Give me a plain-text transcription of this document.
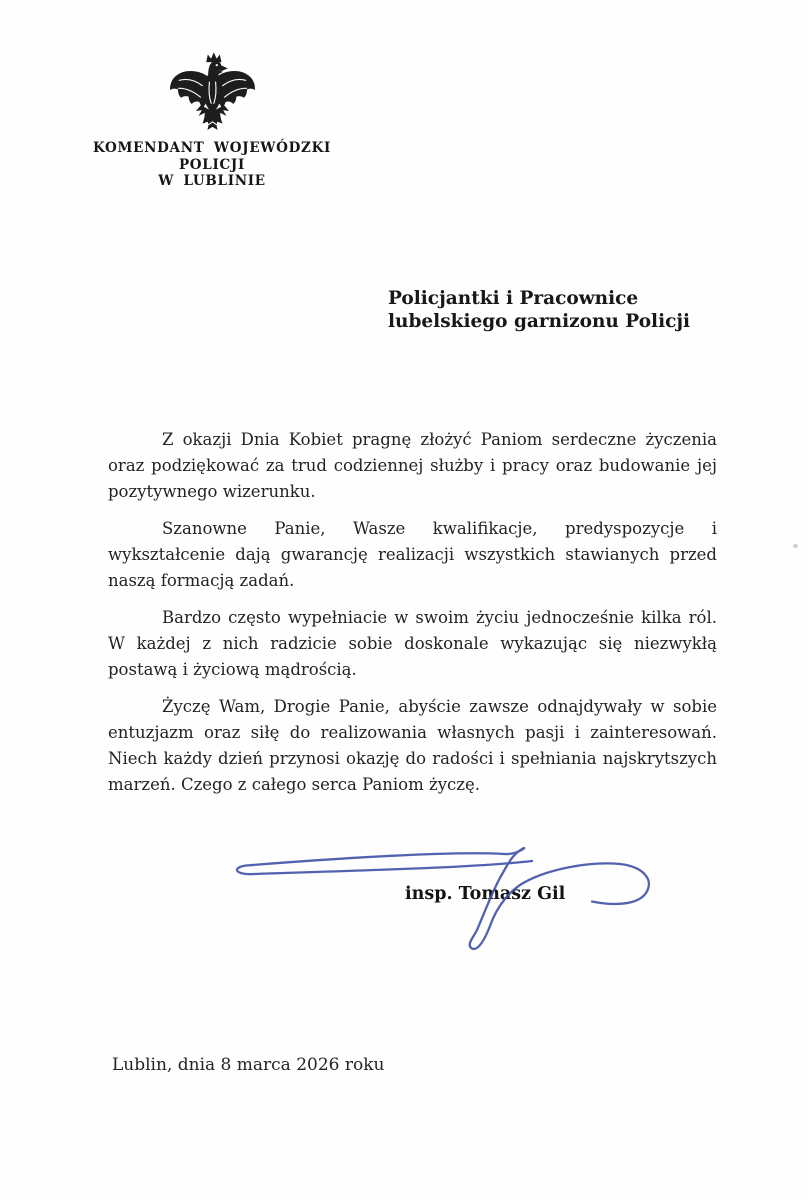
KOMENDANT WOJEWÓDZKI POLICJI
W LUBLINIE
Policjantki i Pracownice
lubelskiego garnizonu Policji

Z okazji Dnia Kobiet pragnę złożyć Paniom serdeczne życzenia oraz podziękować za trud codziennej służby i pracy oraz budowanie jej pozytywnego wizerunku.

Szanowne Panie, Wasze kwalifikacje, predyspozycje i wykształcenie dają gwarancję realizacji wszystkich stawianych przed naszą formacją zadań.

Bardzo często wypełniacie w swoim życiu jednocześnie kilka ról. W każdej z nich radzicie sobie doskonale wykazując się niezwykłą postawą i życiową mądrością.

Życzę Wam, Drogie Panie, abyście zawsze odnajdywały w sobie entuzjazm oraz siłę do realizowania własnych pasji i zainteresowań. Niech każdy dzień przynosi okazję do radości i spełniania najskrytszych marzeń. Czego z całego serca Paniom życzę.

insp. Tomasz Gil
Lublin, dnia 8 marca 2026 roku
